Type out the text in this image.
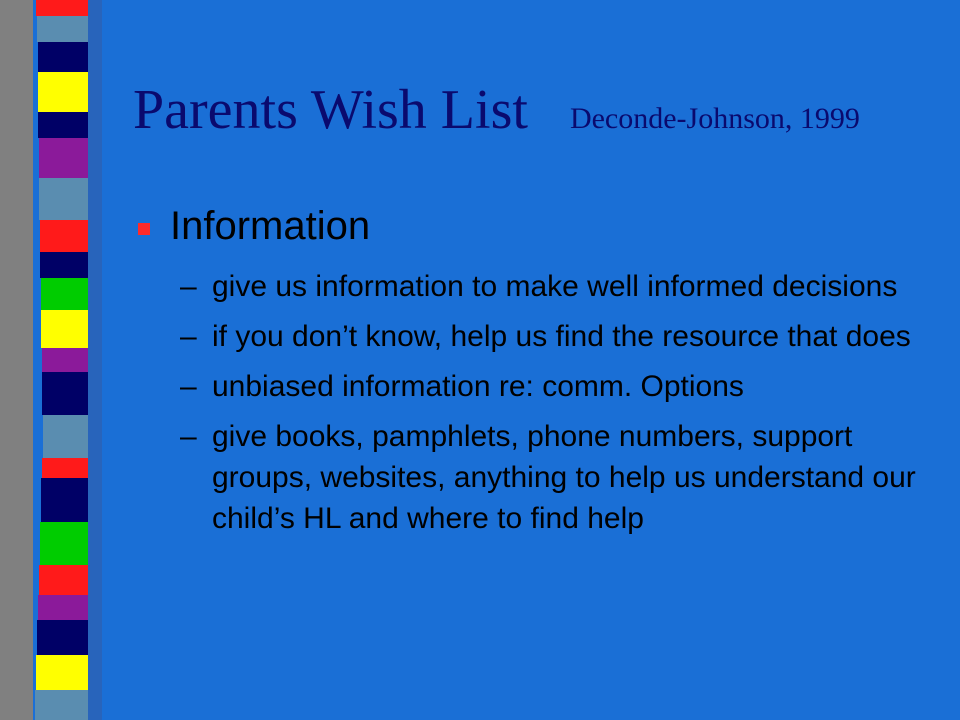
Parents Wish List Deconde-Johnson, 1999
Information
– give us information to make well informed decisions
– if you don’t know, help us find the resource that does
– unbiased information re: comm. Options
– give books, pamphlets, phone numbers, support groups, websites, anything to help us understand our child’s HL and where to find help
